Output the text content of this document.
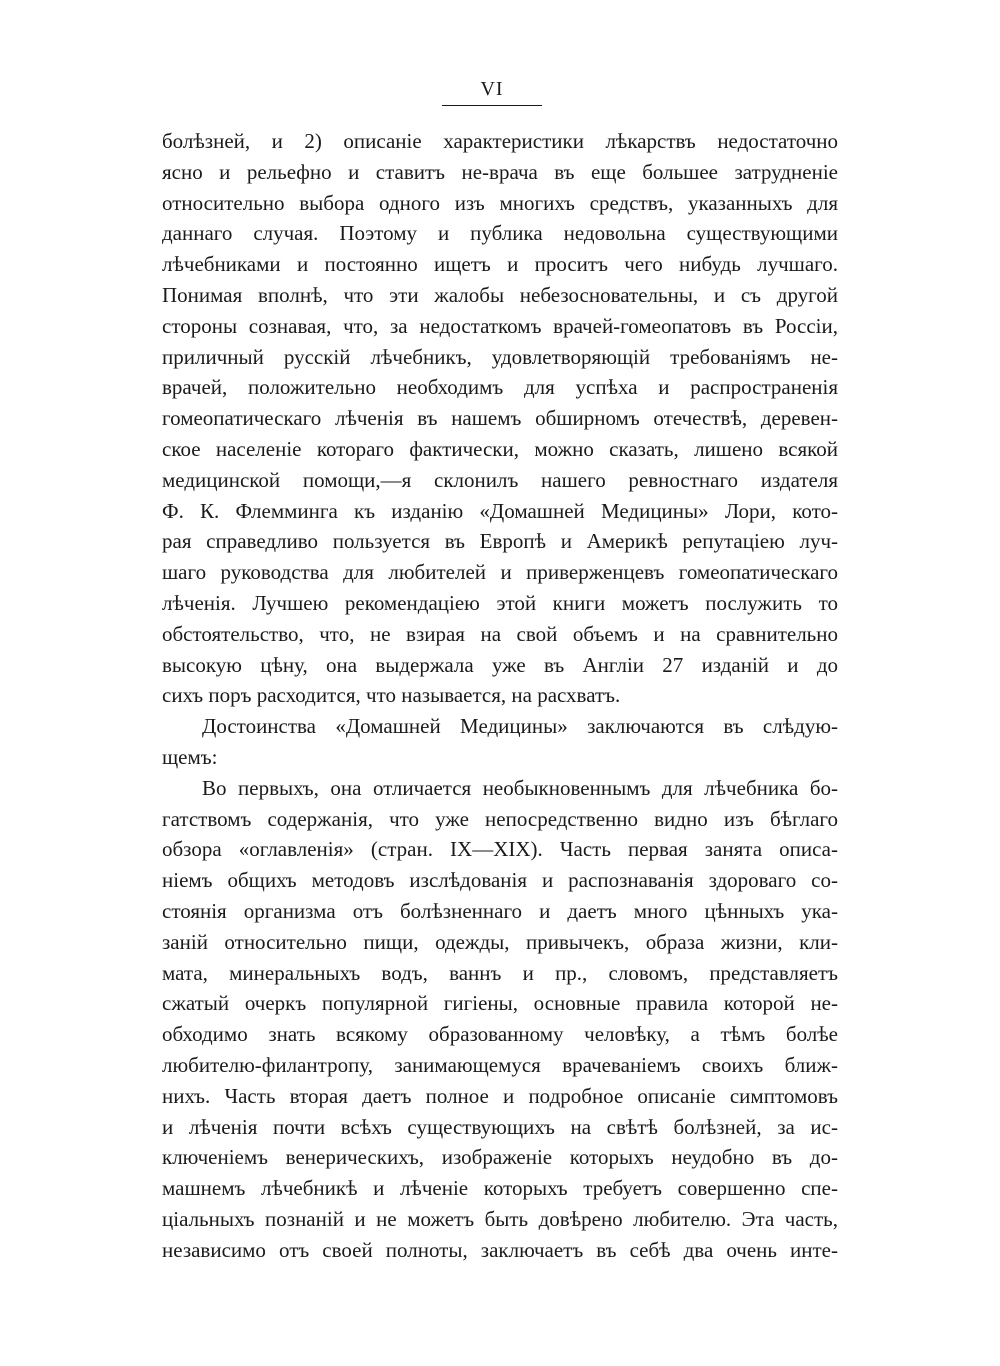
VI
болѣзней, и 2) описаніе характеристики лѣкарствъ недостаточно
ясно и рельефно и ставитъ не-врача въ еще большее затрудненіе
относительно выбора одного изъ многихъ средствъ, указанныхъ для
даннаго случая. Поэтому и публика недовольна существующими
лѣчебниками и постоянно ищетъ и проситъ чего нибудь лучшаго.
Понимая вполнѣ, что эти жалобы небезосновательны, и съ другой
стороны сознавая, что, за недостаткомъ врачей-гомеопатовъ въ Россіи,
приличный русскій лѣчебникъ, удовлетворяющій требованіямъ не-
врачей, положительно необходимъ для успѣха и распространенія
гомеопатическаго лѣченія въ нашемъ обширномъ отечествѣ, деревен-
ское населеніе котораго фактически, можно сказать, лишено всякой
медицинской помощи,—я склонилъ нашего ревностнаго издателя
Ф. К. Флемминга къ изданію «Домашней Медицины» Лори, кото-
рая справедливо пользуется въ Европѣ и Америкѣ репутаціею луч-
шаго руководства для любителей и приверженцевъ гомеопатическаго
лѣченія. Лучшею рекомендаціею этой книги можетъ послужить то
обстоятельство, что, не взирая на свой объемъ и на сравнительно
высокую цѣну, она выдержала уже въ Англіи 27 изданій и до
сихъ поръ расходится, что называется, на расхватъ.
Достоинства «Домашней Медицины» заключаются въ слѣдую-
щемъ:
Во первыхъ, она отличается необыкновеннымъ для лѣчебника бо-
гатствомъ содержанія, что уже непосредственно видно изъ бѣглаго
обзора «оглавленія» (стран. IX—XIX). Часть первая занята описа-
ніемъ общихъ методовъ изслѣдованія и распознаванія здороваго со-
стоянія организма отъ болѣзненнаго и даетъ много цѣнныхъ ука-
заній относительно пищи, одежды, привычекъ, образа жизни, кли-
мата, минеральныхъ водъ, ваннъ и пр., словомъ, представляетъ
сжатый очеркъ популярной гигіены, основные правила которой не-
обходимо знать всякому образованному человѣку, а тѣмъ болѣе
любителю-филантропу, занимающемуся врачеваніемъ своихъ ближ-
нихъ. Часть вторая даетъ полное и подробное описаніе симптомовъ
и лѣченія почти всѣхъ существующихъ на свѣтѣ болѣзней, за ис-
ключеніемъ венерическихъ, изображеніе которыхъ неудобно въ до-
машнемъ лѣчебникѣ и лѣченіе которыхъ требуетъ совершенно спе-
ціальныхъ познаній и не можетъ быть довѣрено любителю. Эта часть,
независимо отъ своей полноты, заключаетъ въ себѣ два очень инте-
